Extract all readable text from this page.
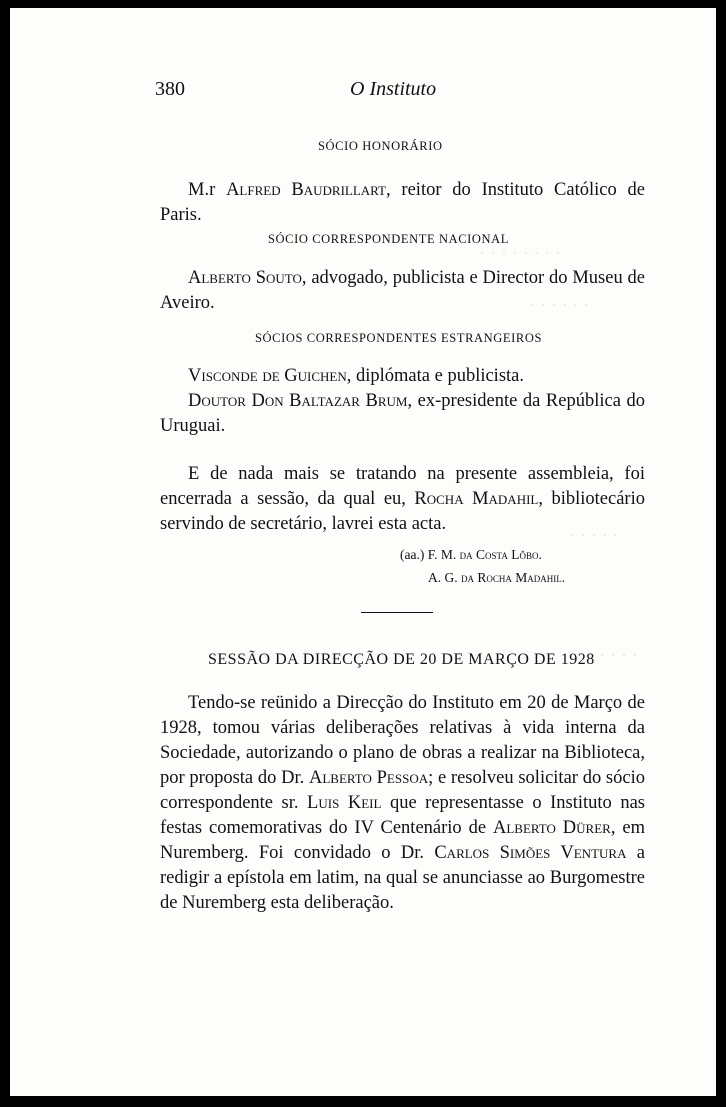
· · · · · · · ·
· · · · · ·
· · · · ·
· · · ·
380	O Instituto
SÓCIO HONORÁRIO

M.r Alfred Baudrillart, reitor do Instituto Católico de Paris.

SÓCIO CORRESPONDENTE NACIONAL

Alberto Souto, advogado, publicista e Director do Museu de Aveiro.

SÓCIOS CORRESPONDENTES ESTRANGEIROS

Visconde de Guichen, diplómata e publicista.

Doutor Don Baltazar Brum, ex-presidente da República do Uruguai.

E de nada mais se tratando na presente assembleia, foi encerrada a sessão, da qual eu, Rocha Madahil, bibliotecário servindo de secretário, lavrei esta acta.

(aa.) F. M. da Costa Lôbo.
A. G. da Rocha Madahil.
SESSÃO DA DIRECÇÃO DE 20 DE MARÇO DE 1928

Tendo-se reünido a Direcção do Instituto em 20 de Março de 1928, tomou várias deliberações relativas à vida interna da Sociedade, autorizando o plano de obras a realizar na Biblioteca, por proposta do Dr. Alberto Pessoa; e resolveu solicitar do sócio correspondente sr. Luis Keil que representasse o Instituto nas festas comemorativas do IV Centenário de Alberto Dürer, em Nuremberg. Foi convidado o Dr. Carlos Simões Ventura a redigir a epístola em latim, na qual se anunciasse ao Burgomestre de Nuremberg esta deliberação.
